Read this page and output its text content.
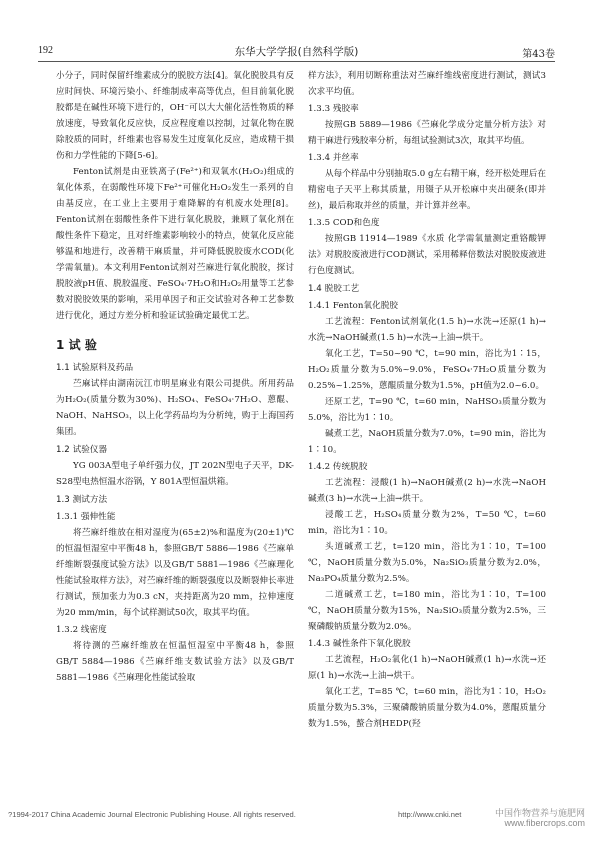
192	东华大学学报(自然科学版)	第43卷

小分子，同时保留纤维素成分的脱胶方法[4]。氧化脱胶具有反应时间快、环境污染小、纤维制成率高等优点，但目前氧化脱胶都是在碱性环境下进行的，OH⁻可以大大催化活性物质的释放速度，导致氧化反应快，反应程度难以控制，过氧化物在脱除胶质的同时，纤维素也容易发生过度氧化反应，造成精干损伤和力学性能的下降[5-6]。

Fenton试剂是由亚铁离子(Fe²⁺)和双氧水(H₂O₂)组成的氧化体系，在弱酸性环境下Fe²⁺可催化H₂O₂发生一系列的自由基反应，在工业上主要用于难降解的有机废水处理[8]。Fenton试剂在弱酸性条件下进行氧化脱胶，兼顾了氧化剂在酸性条件下稳定，且对纤维素影响较小的特点，使氧化反应能够温和地进行，改善精干麻质量，并可降低脱胶废水COD(化学需氧量)。本文利用Fenton试剂对苎麻进行氧化脱胶，探讨脱胶液pH值、脱胶温度、FeSO₄·7H₂O和H₂O₂用量等工艺参数对脱胶效果的影响，采用单因子和正交试验对各种工艺参数进行优化，通过方差分析和验证试验确定最优工艺。

1 试 验
1.1 试验原料及药品

苎麻试样由湖南沅江市明星麻业有限公司提供。所用药品为H₂O₂(质量分数为30%)、H₂SO₄、FeSO₄·7H₂O、蒽醌、NaOH、NaHSO₃，以上化学药品均为分析纯，购于上海国药集团。

1.2 试验仪器

YG 003A型电子单纤强力仪，JT 202N型电子天平，DK-S28型电热恒温水浴锅，Y 801A型恒温烘箱。

1.3 测试方法
1.3.1 强伸性能

将苎麻纤维放在相对湿度为(65±2)%和温度为(20±1)℃的恒温恒湿室中平衡48 h，参照GB/T 5886—1986《苎麻单纤维断裂强度试验方法》以及GB/T 5881—1986《苎麻理化性能试验取样方法》，对苎麻纤维的断裂强度以及断裂伸长率进行测试，预加张力为0.3 cN，夹持距离为20 mm，拉伸速度为20 mm/min，每个试样测试50次，取其平均值。

1.3.2 线密度

将待测的苎麻纤维放在恒温恒湿室中平衡48 h，参照GB/T 5884—1986《苎麻纤维支数试验方法》以及GB/T 5881—1986《苎麻理化性能试验取

样方法》，利用切断称重法对苎麻纤维线密度进行测试，测试3次求平均值。

1.3.3 残胶率

按照GB 5889—1986《苎麻化学成分定量分析方法》对精干麻进行残胶率分析，每组试验测试3次，取其平均值。

1.3.4 并丝率

从每个样品中分别抽取5.0 g左右精干麻，经开松处理后在精密电子天平上称其质量，用镊子从开松麻中夹出硬条(即并丝)，最后称取并丝的质量，并计算并丝率。

1.3.5 COD和色度

按照GB 11914—1989《水质 化学需氧量测定重铬酸钾法》对脱胶废液进行COD测试，采用稀释倍数法对脱胶废液进行色度测试。

1.4 脱胶工艺
1.4.1 Fenton氧化脱胶

工艺流程：Fenton试剂氧化(1.5 h)→水洗→还原(1 h)→水洗→NaOH碱煮(1.5 h)→水洗→上油→烘干。

氧化工艺，T=50~90 ℃，t=90 min，浴比为1∶15，H₂O₂质量分数为5.0%~9.0%，FeSO₄·7H₂O质量分数为0.25%~1.25%，蒽醌质量分数为1.5%，pH值为2.0~6.0。

还原工艺，T=90 ℃，t=60 min，NaHSO₃质量分数为5.0%，浴比为1∶10。

碱煮工艺，NaOH质量分数为7.0%，t=90 min，浴比为1∶10。

1.4.2 传统脱胶

工艺流程：浸酸(1 h)→NaOH碱煮(2 h)→水洗→NaOH碱煮(3 h)→水洗→上油→烘干。

浸酸工艺，H₂SO₄质量分数为2%，T=50 ℃，t=60 min，浴比为1∶10。

头道碱煮工艺，t=120 min，浴比为1∶10，T=100 ℃，NaOH质量分数为5.0%，Na₂SiO₃质量分数为2.0%，Na₃PO₄质量分数为2.5%。

二道碱煮工艺，t=180 min，浴比为1∶10，T=100 ℃，NaOH质量分数为15%，Na₂SiO₃质量分数为2.5%，三聚磷酸钠质量分数为2.0%。

1.4.3 碱性条件下氧化脱胶

工艺流程，H₂O₂氧化(1 h)→NaOH碱煮(1 h)→水洗→还原(1 h)→水洗→上油→烘干。

氧化工艺，T=85 ℃，t=60 min，浴比为1∶10，H₂O₂质量分数为5.3%，三聚磷酸钠质量分数为4.0%，蒽醌质量分数为1.5%，螯合剂HEDP(羟

?1994-2017 China Academic Journal Electronic Publishing House. All rights reserved.	http://www.cnki.net	中国作物营养与施肥网
www.fibercrops.com
